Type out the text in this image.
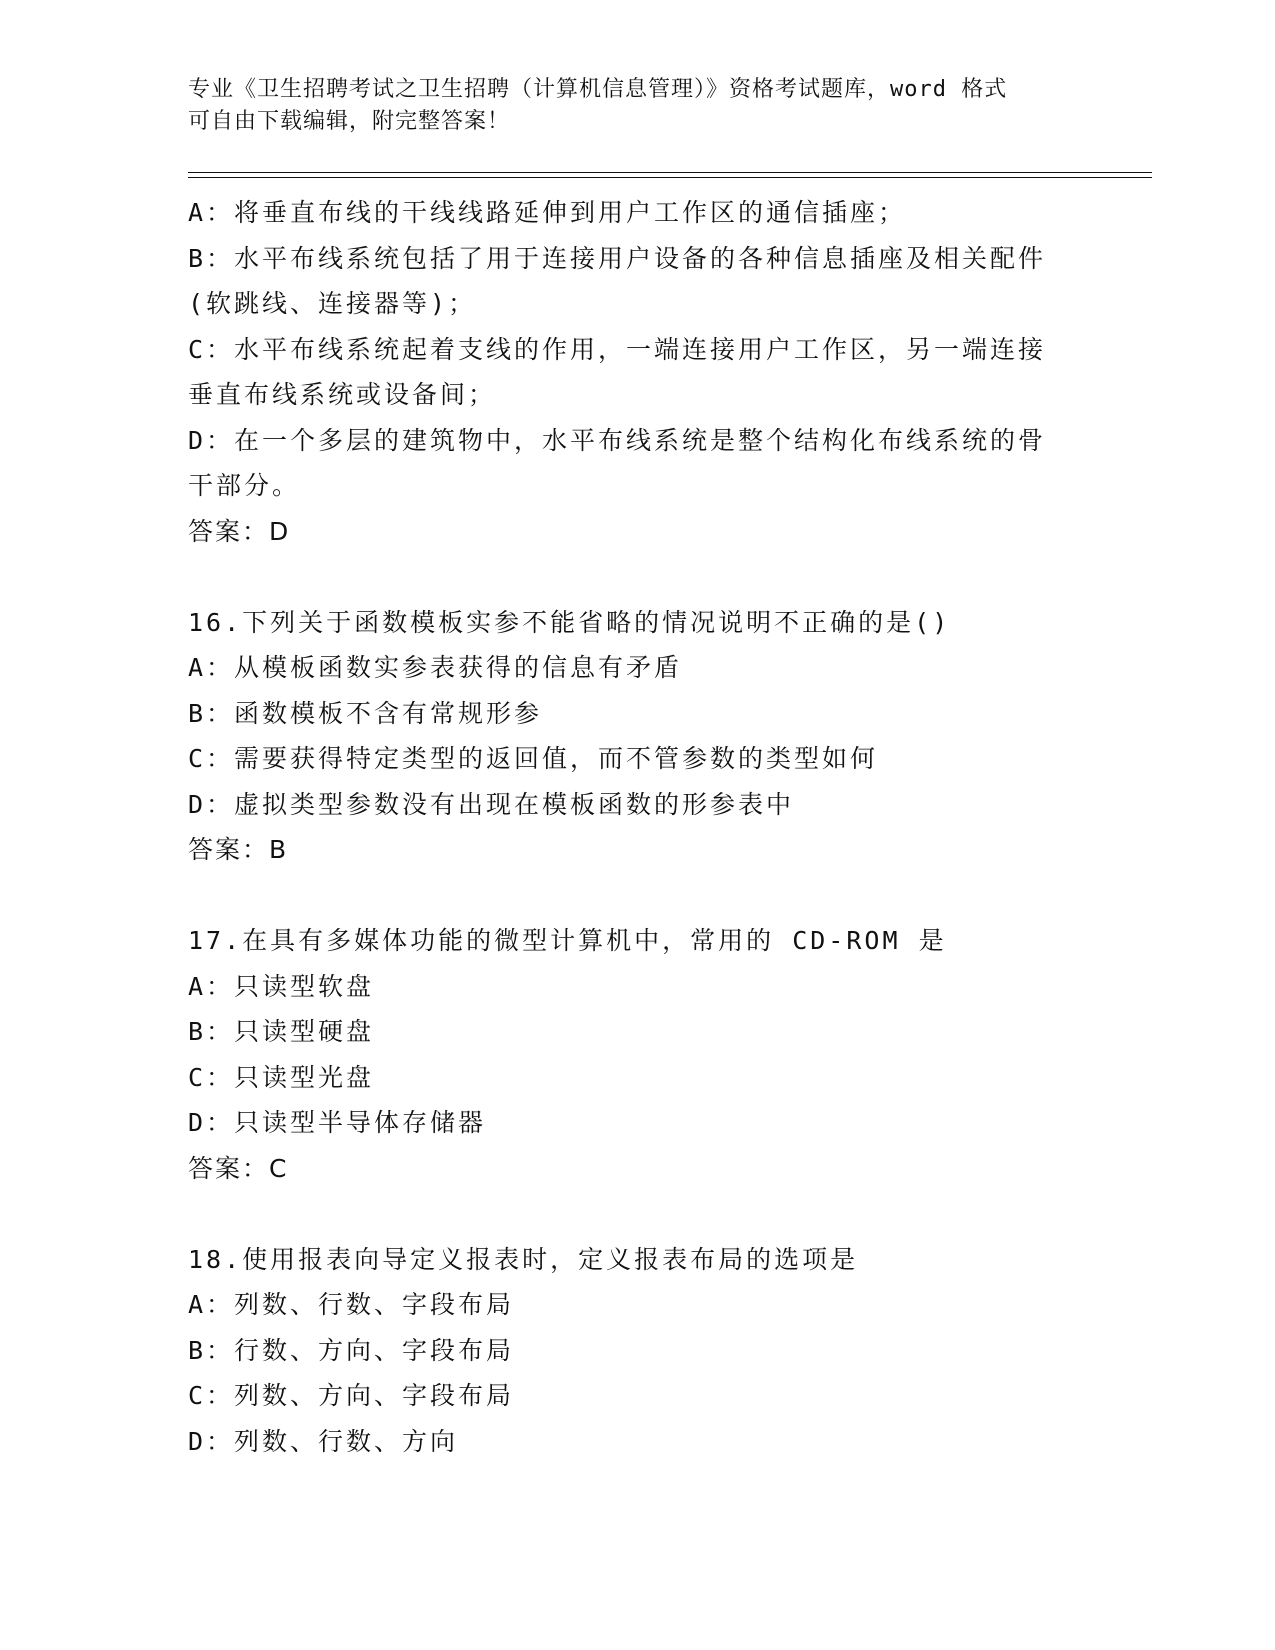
专业《卫生招聘考试之卫生招聘（计算机信息管理）》资格考试题库，word 格式
可自由下载编辑，附完整答案！
A：将垂直布线的干线线路延伸到用户工作区的通信插座；
B：水平布线系统包括了用于连接用户设备的各种信息插座及相关配件
(软跳线、连接器等)；
C：水平布线系统起着支线的作用，一端连接用户工作区，另一端连接
垂直布线系统或设备间；
D：在一个多层的建筑物中，水平布线系统是整个结构化布线系统的骨
干部分。
答案：D
16.下列关于函数模板实参不能省略的情况说明不正确的是()
A：从模板函数实参表获得的信息有矛盾
B：函数模板不含有常规形参
C：需要获得特定类型的返回值，而不管参数的类型如何
D：虚拟类型参数没有出现在模板函数的形参表中
答案：B
17.在具有多媒体功能的微型计算机中，常用的 CD-ROM 是
A：只读型软盘
B：只读型硬盘
C：只读型光盘
D：只读型半导体存储器
答案：C
18.使用报表向导定义报表时，定义报表布局的选项是
A：列数、行数、字段布局
B：行数、方向、字段布局
C：列数、方向、字段布局
D：列数、行数、方向
